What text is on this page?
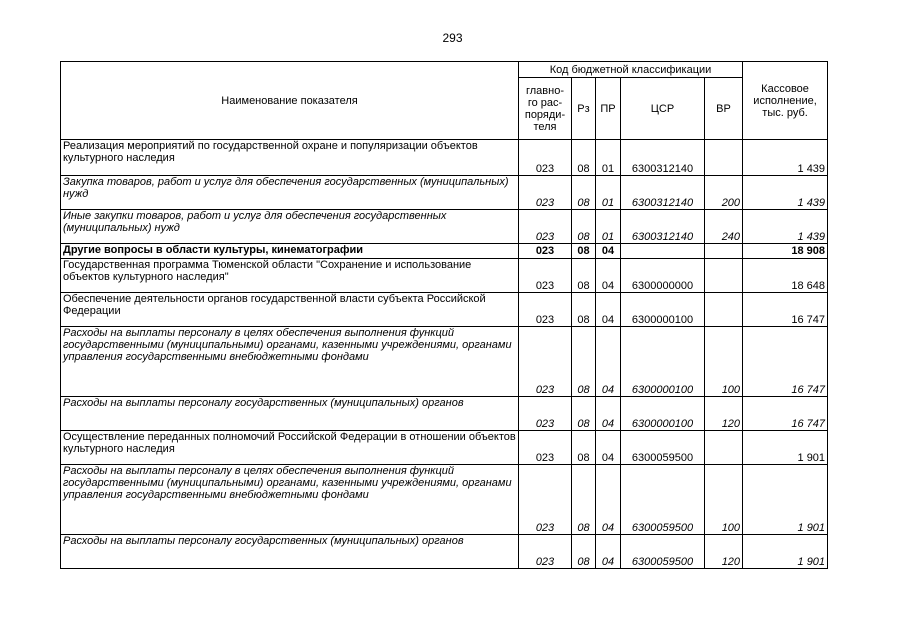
293
Наименование показателя	Код бюджетной классификации					Кассовое исполнение, тыс. руб.
	главно-
го рас-
поряди-
теля	Рз	ПР	ЦСР	ВР	
Реализация мероприятий по государственной охране и популяризации объектов культурного наследия	023	08	01	6300312140		1 439
Закупка товаров, работ и услуг для обеспечения государственных (муниципальных) нужд	023	08	01	6300312140	200	1 439
Иные закупки товаров, работ и услуг для обеспечения государственных (муниципальных) нужд	023	08	01	6300312140	240	1 439
Другие вопросы в области культуры, кинематографии	023	08	04			18 908
Государственная программа Тюменской области "Сохранение и использование объектов культурного наследия"	023	08	04	6300000000		18 648
Обеспечение деятельности органов государственной власти субъекта Российской Федерации	023	08	04	6300000100		16 747
Расходы на выплаты персоналу в целях обеспечения выполнения функций государственными (муниципальными) органами, казенными учреждениями, органами управления государственными внебюджетными фондами	023	08	04	6300000100	100	16 747
Расходы на выплаты персоналу государственных (муниципальных) органов	023	08	04	6300000100	120	16 747
Осуществление переданных полномочий Российской Федерации в отношении объектов культурного наследия	023	08	04	6300059500		1 901
Расходы на выплаты персоналу в целях обеспечения выполнения функций государственными (муниципальными) органами, казенными учреждениями, органами управления государственными внебюджетными фондами	023	08	04	6300059500	100	1 901
Расходы на выплаты персоналу государственных (муниципальных) органов	023	08	04	6300059500	120	1 901
